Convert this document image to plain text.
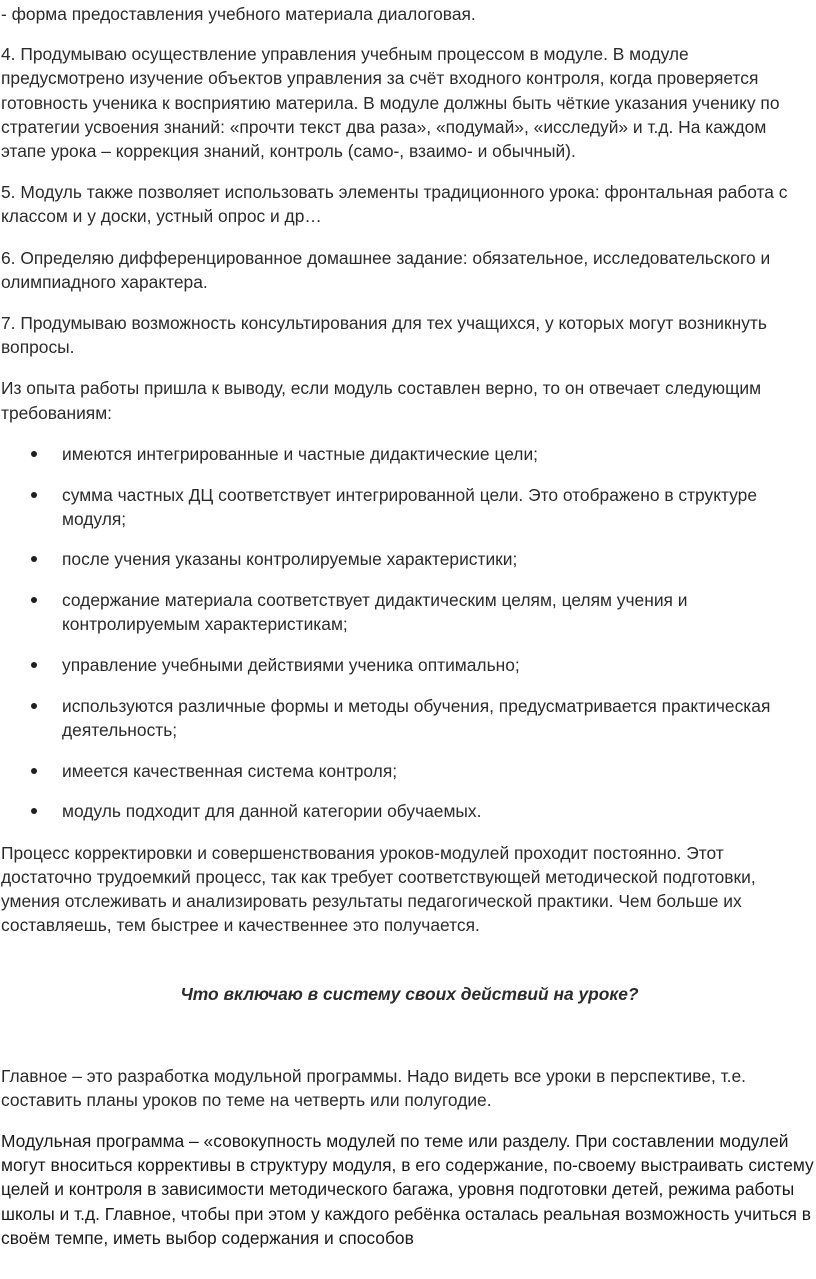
- форма предоставления учебного материала диалоговая.

4. Продумываю осуществление управления учебным процессом в модуле. В модуле предусмотрено изучение объектов управления за счёт входного контроля, когда проверяется готовность ученика к восприятию материла. В модуле должны быть чёткие указания ученику по стратегии усвоения знаний: «прочти текст два раза», «подумай», «исследуй» и т.д. На каждом этапе урока – коррекция знаний, контроль (само-, взаимо- и обычный).

5. Модуль также позволяет использовать элементы традиционного урока: фронтальная работа с классом и у доски, устный опрос и др…

6. Определяю дифференцированное домашнее задание: обязательное, исследовательского и олимпиадного характера.

7. Продумываю возможность консультирования для тех учащихся, у которых могут возникнуть вопросы.

Из опыта работы пришла к выводу, если модуль составлен верно, то он отвечает следующим требованиям:

имеются интегрированные и частные дидактические цели;
сумма частных ДЦ соответствует интегрированной цели. Это отображено в структуре модуля;
после учения указаны контролируемые характеристики;
содержание материала соответствует дидактическим целям, целям учения и контролируемым характеристикам;
управление учебными действиями ученика оптимально;
используются различные формы и методы обучения, предусматривается практическая деятельность;
имеется качественная система контроля;
модуль подходит для данной категории обучаемых.

Процесс корректировки и совершенствования уроков-модулей проходит постоянно. Этот достаточно трудоемкий процесс, так как требует соответствующей методической подготовки, умения отслеживать и анализировать результаты педагогической практики. Чем больше их составляешь, тем быстрее и качественнее это получается.

Что включаю в систему своих действий на уроке?

Главное – это разработка модульной программы. Надо видеть все уроки в перспективе, т.е. составить планы уроков по теме на четверть или полугодие.

Модульная программа – «совокупность модулей по теме или разделу. При составлении модулей могут вноситься коррективы в структуру модуля, в его содержание, по-своему выстраивать систему целей и контроля в зависимости методического багажа, уровня подготовки детей, режима работы школы и т.д. Главное, чтобы при этом у каждого ребёнка осталась реальная возможность учиться в своём темпе, иметь выбор содержания и способов
